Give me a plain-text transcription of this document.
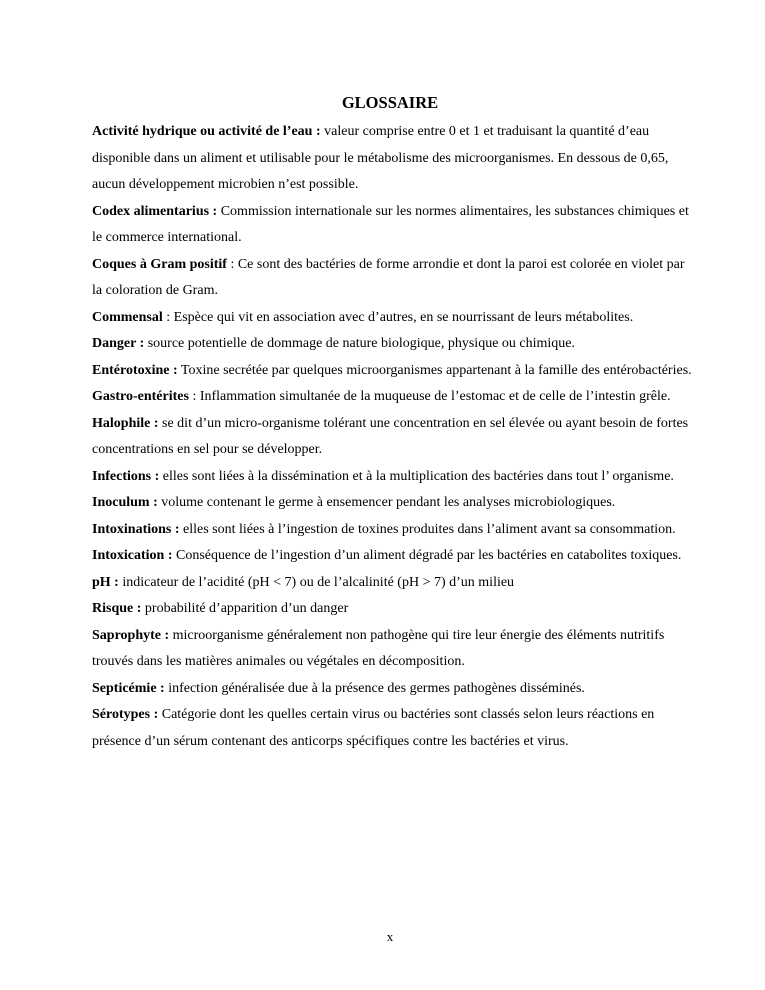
GLOSSAIRE

Activité hydrique ou activité de l’eau : valeur comprise entre 0 et 1 et traduisant la quantité d’eau disponible dans un aliment et utilisable pour le métabolisme des microorganismes. En dessous de 0,65, aucun développement microbien n’est possible.

Codex alimentarius : Commission internationale sur les normes alimentaires, les substances chimiques et le commerce international.

Coques à Gram positif : Ce sont des bactéries de forme arrondie et dont la paroi est colorée en violet par la coloration de Gram.

Commensal : Espèce qui vit en association avec d’autres, en se nourrissant de leurs métabolites.

Danger : source potentielle de dommage de nature biologique, physique ou chimique.

Entérotoxine : Toxine secrétée par quelques microorganismes appartenant à la famille des entérobactéries.

Gastro-entérites : Inflammation simultanée de la muqueuse de l’estomac et de celle de l’intestin grêle.

Halophile : se dit d’un micro-organisme tolérant une concentration en sel élevée ou ayant besoin de fortes concentrations en sel pour se développer.

Infections : elles sont liées à la dissémination et à la multiplication des bactéries dans tout l’ organisme.

Inoculum : volume contenant le germe à ensemencer pendant les analyses microbiologiques.

Intoxinations : elles sont liées à l’ingestion de toxines produites dans l’aliment avant sa consommation.

Intoxication : Conséquence de l’ingestion d’un aliment dégradé par les bactéries en catabolites toxiques.

pH : indicateur de l’acidité (pH < 7) ou de l’alcalinité (pH > 7) d’un milieu

Risque : probabilité d’apparition d’un danger

Saprophyte : microorganisme généralement non pathogène qui tire leur énergie des éléments nutritifs trouvés dans les matières animales ou végétales en décomposition.

Septicémie : infection généralisée due à la présence des germes pathogènes disséminés.

Sérotypes : Catégorie dont les quelles certain virus ou bactéries sont classés selon leurs réactions en présence d’un sérum contenant des anticorps spécifiques contre les bactéries et virus.

x
